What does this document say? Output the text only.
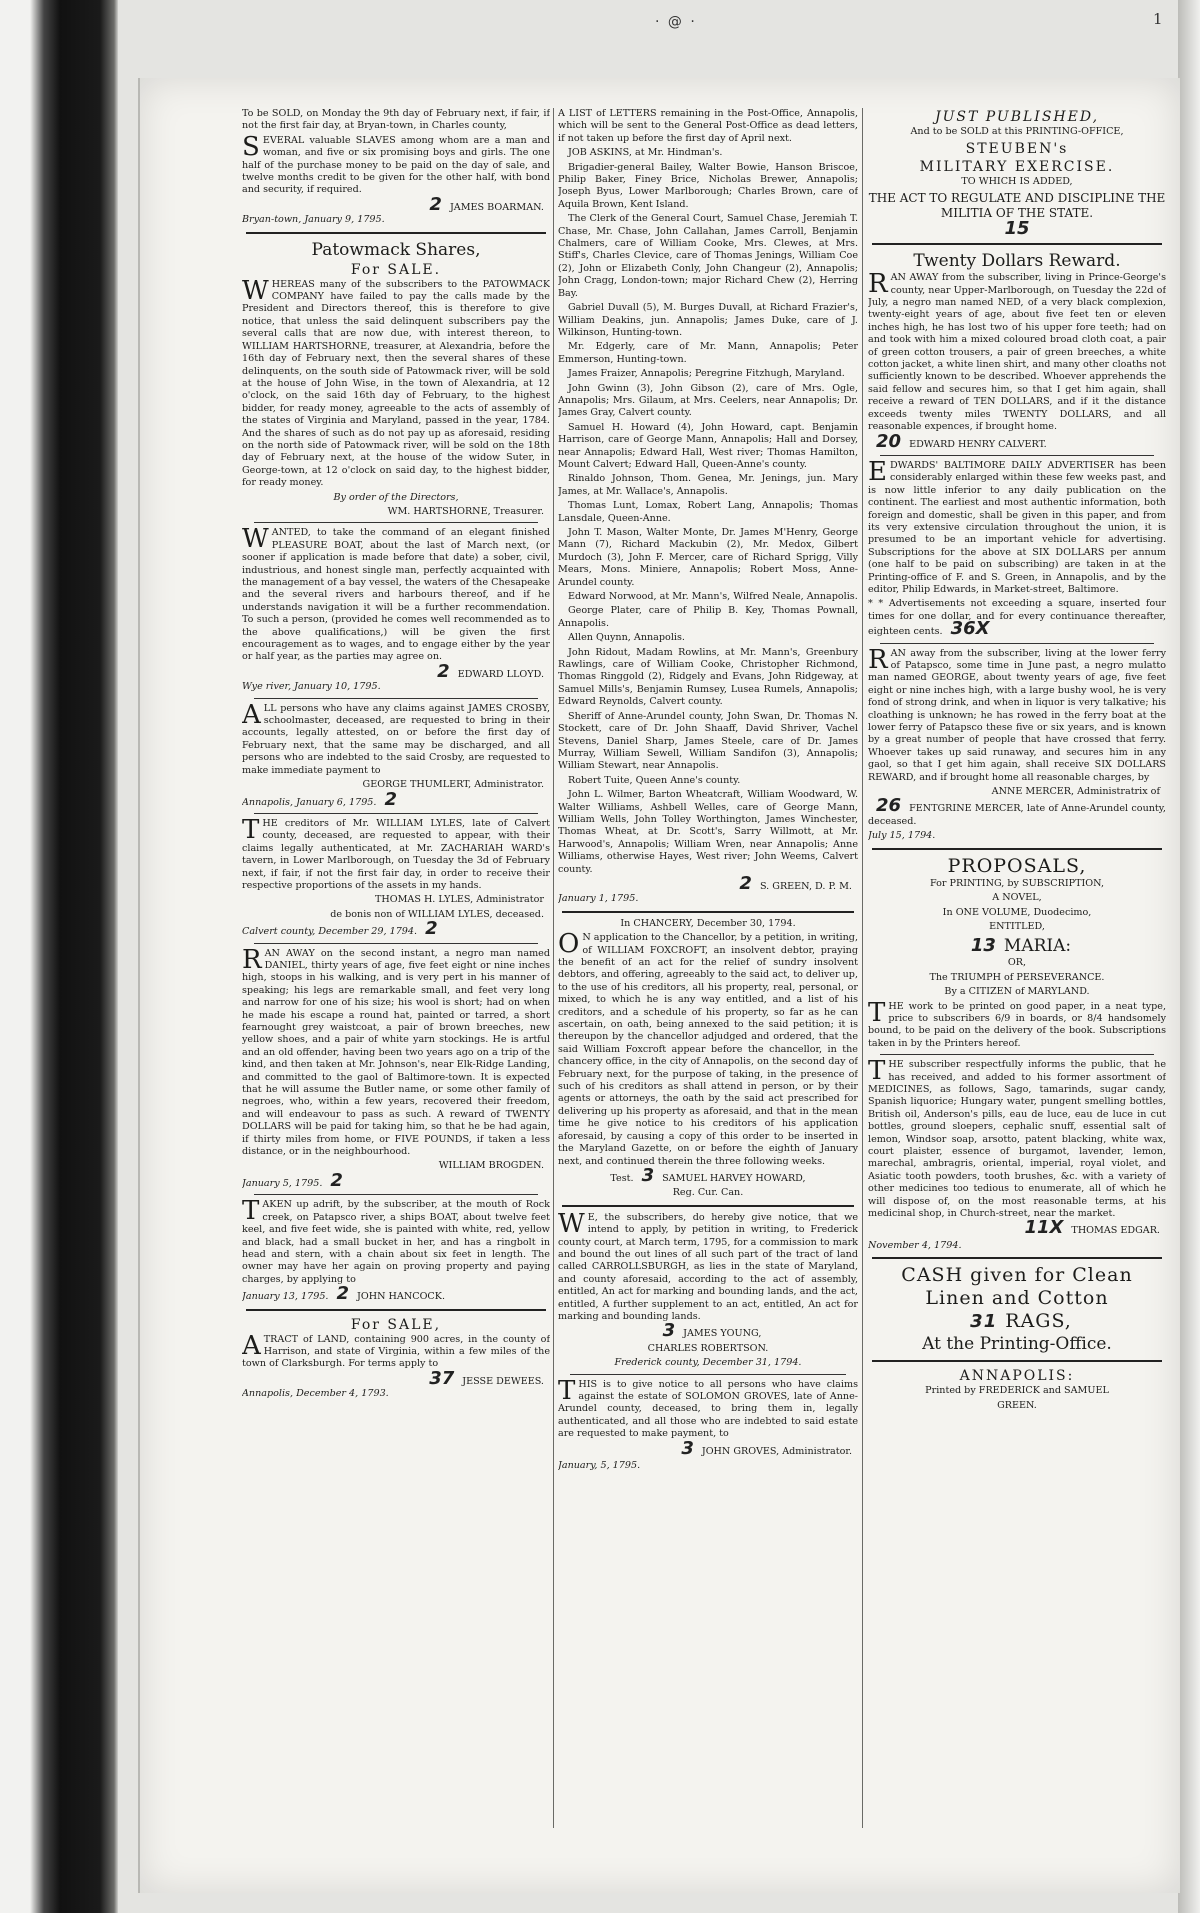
· @ ·	1

To be SOLD, on Monday the 9th day of February next, if fair, if not the first fair day, at Bryan-town, in Charles county,

SEVERAL valuable SLAVES among whom are a man and woman, and five or six promising boys and girls. The one half of the purchase money to be paid on the day of sale, and twelve months credit to be given for the other half, with bond and security, if required.

2 JAMES BOARMAN.

Bryan-town, January 9, 1795.

Patowmack Shares,
For SALE.

WHEREAS many of the subscribers to the PATOWMACK COMPANY have failed to pay the calls made by the President and Directors thereof, this is therefore to give notice, that unless the said delinquent subscribers pay the several calls that are now due, with interest thereon, to WILLIAM HARTSHORNE, treasurer, at Alexandria, before the 16th day of February next, then the several shares of these delinquents, on the south side of Patowmack river, will be sold at the house of John Wise, in the town of Alexandria, at 12 o'clock, on the said 16th day of February, to the highest bidder, for ready money, agreeable to the acts of assembly of the states of Virginia and Maryland, passed in the year, 1784. And the shares of such as do not pay up as aforesaid, residing on the north side of Patowmack river, will be sold on the 18th day of February next, at the house of the widow Suter, in George-town, at 12 o'clock on said day, to the highest bidder, for ready money.

By order of the Directors,

WM. HARTSHORNE, Treasurer.

WANTED, to take the command of an elegant finished PLEASURE BOAT, about the last of March next, (or sooner if application is made before that date) a sober, civil, industrious, and honest single man, perfectly acquainted with the management of a bay vessel, the waters of the Chesapeake and the several rivers and harbours thereof, and if he understands navigation it will be a further recommendation. To such a person, (provided he comes well recommended as to the above qualifications,) will be given the first encouragement as to wages, and to engage either by the year or half year, as the parties may agree on.

2 EDWARD LLOYD.

Wye river, January 10, 1795.

ALL persons who have any claims against JAMES CROSBY, schoolmaster, deceased, are requested to bring in their accounts, legally attested, on or before the first day of February next, that the same may be discharged, and all persons who are indebted to the said Crosby, are requested to make immediate payment to

GEORGE THUMLERT, Administrator.

Annapolis, January 6, 1795. 2

THE creditors of Mr. WILLIAM LYLES, late of Calvert county, deceased, are requested to appear, with their claims legally authenticated, at Mr. ZACHARIAH WARD's tavern, in Lower Marlborough, on Tuesday the 3d of February next, if fair, if not the first fair day, in order to receive their respective proportions of the assets in my hands.

THOMAS H. LYLES, Administrator

de bonis non of WILLIAM LYLES, deceased.

Calvert county, December 29, 1794. 2

RAN AWAY on the second instant, a negro man named DANIEL, thirty years of age, five feet eight or nine inches high, stoops in his walking, and is very pert in his manner of speaking; his legs are remarkable small, and feet very long and narrow for one of his size; his wool is short; had on when he made his escape a round hat, painted or tarred, a short fearnought grey waistcoat, a pair of brown breeches, new yellow shoes, and a pair of white yarn stockings. He is artful and an old offender, having been two years ago on a trip of the kind, and then taken at Mr. Johnson's, near Elk-Ridge Landing, and committed to the gaol of Baltimore-town. It is expected that he will assume the Butler name, or some other family of negroes, who, within a few years, recovered their freedom, and will endeavour to pass as such. A reward of TWENTY DOLLARS will be paid for taking him, so that he be had again, if thirty miles from home, or FIVE POUNDS, if taken a less distance, or in the neighbourhood.

WILLIAM BROGDEN.

January 5, 1795. 2

TAKEN up adrift, by the subscriber, at the mouth of Rock creek, on Patapsco river, a ships BOAT, about twelve feet keel, and five feet wide, she is painted with white, red, yellow and black, had a small bucket in her, and has a ringbolt in head and stern, with a chain about six feet in length. The owner may have her again on proving property and paying charges, by applying to

January 13, 1795. 2 JOHN HANCOCK.

For SALE,

ATRACT of LAND, containing 900 acres, in the county of Harrison, and state of Virginia, within a few miles of the town of Clarksburgh. For terms apply to

37 JESSE DEWEES.

Annapolis, December 4, 1793.

A LIST of LETTERS remaining in the Post-Office, Annapolis, which will be sent to the General Post-Office as dead letters, if not taken up before the first day of April next.

JOB ASKINS, at Mr. Hindman's.

Brigadier-general Bailey, Walter Bowie, Hanson Briscoe, Philip Baker, Finey Brice, Nicholas Brewer, Annapolis; Joseph Byus, Lower Marlborough; Charles Brown, care of Aquila Brown, Kent Island.

The Clerk of the General Court, Samuel Chase, Jeremiah T. Chase, Mr. Chase, John Callahan, James Carroll, Benjamin Chalmers, care of William Cooke, Mrs. Clewes, at Mrs. Stiff's, Charles Clevice, care of Thomas Jenings, William Coe (2), John or Elizabeth Conly, John Changeur (2), Annapolis; John Cragg, London-town; major Richard Chew (2), Herring Bay.

Gabriel Duvall (5), M. Burges Duvall, at Richard Frazier's, William Deakins, jun. Annapolis; James Duke, care of J. Wilkinson, Hunting-town.

Mr. Edgerly, care of Mr. Mann, Annapolis; Peter Emmerson, Hunting-town.

James Fraizer, Annapolis; Peregrine Fitzhugh, Maryland.

John Gwinn (3), John Gibson (2), care of Mrs. Ogle, Annapolis; Mrs. Gilaum, at Mrs. Ceelers, near Annapolis; Dr. James Gray, Calvert county.

Samuel H. Howard (4), John Howard, capt. Benjamin Harrison, care of George Mann, Annapolis; Hall and Dorsey, near Annapolis; Edward Hall, West river; Thomas Hamilton, Mount Calvert; Edward Hall, Queen-Anne's county.

Rinaldo Johnson, Thom. Genea, Mr. Jenings, jun. Mary James, at Mr. Wallace's, Annapolis.

Thomas Lunt, Lomax, Robert Lang, Annapolis; Thomas Lansdale, Queen-Anne.

John T. Mason, Walter Monte, Dr. James M'Henry, George Mann (7), Richard Mackubin (2), Mr. Medox, Gilbert Murdoch (3), John F. Mercer, care of Richard Sprigg, Villy Mears, Mons. Miniere, Annapolis; Robert Moss, Anne-Arundel county.

Edward Norwood, at Mr. Mann's, Wilfred Neale, Annapolis.

George Plater, care of Philip B. Key, Thomas Pownall, Annapolis.

Allen Quynn, Annapolis.

John Ridout, Madam Rowlins, at Mr. Mann's, Greenbury Rawlings, care of William Cooke, Christopher Richmond, Thomas Ringgold (2), Ridgely and Evans, John Ridgeway, at Samuel Mills's, Benjamin Rumsey, Lusea Rumels, Annapolis; Edward Reynolds, Calvert county.

Sheriff of Anne-Arundel county, John Swan, Dr. Thomas N. Stockett, care of Dr. John Shaaff, David Shriver, Vachel Stevens, Daniel Sharp, James Steele, care of Dr. James Murray, William Sewell, William Sandifon (3), Annapolis; William Stewart, near Annapolis.

Robert Tuite, Queen Anne's county.

John L. Wilmer, Barton Wheatcraft, William Woodward, W. Walter Williams, Ashbell Welles, care of George Mann, William Wells, John Tolley Worthington, James Winchester, Thomas Wheat, at Dr. Scott's, Sarry Willmott, at Mr. Harwood's, Annapolis; William Wren, near Annapolis; Anne Williams, otherwise Hayes, West river; John Weems, Calvert county.

2 S. GREEN, D. P. M.

January 1, 1795.

In CHANCERY, December 30, 1794.

ON application to the Chancellor, by a petition, in writing, of WILLIAM FOXCROFT, an insolvent debtor, praying the benefit of an act for the relief of sundry insolvent debtors, and offering, agreeably to the said act, to deliver up, to the use of his creditors, all his property, real, personal, or mixed, to which he is any way entitled, and a list of his creditors, and a schedule of his property, so far as he can ascertain, on oath, being annexed to the said petition; it is thereupon by the chancellor adjudged and ordered, that the said William Foxcroft appear before the chancellor, in the chancery office, in the city of Annapolis, on the second day of February next, for the purpose of taking, in the presence of such of his creditors as shall attend in person, or by their agents or attorneys, the oath by the said act prescribed for delivering up his property as aforesaid, and that in the mean time he give notice to his creditors of his application aforesaid, by causing a copy of this order to be inserted in the Maryland Gazette, on or before the eighth of January next, and continued therein the three following weeks.

Test. 3 SAMUEL HARVEY HOWARD,

Reg. Cur. Can.

WE, the subscribers, do hereby give notice, that we intend to apply, by petition in writing, to Frederick county court, at March term, 1795, for a commission to mark and bound the out lines of all such part of the tract of land called CARROLLSBURGH, as lies in the state of Maryland, and county aforesaid, according to the act of assembly, entitled, An act for marking and bounding lands, and the act, entitled, A further supplement to an act, entitled, An act for marking and bounding lands.

3 JAMES YOUNG,

CHARLES ROBERTSON.

Frederick county, December 31, 1794.

THIS is to give notice to all persons who have claims against the estate of SOLOMON GROVES, late of Anne-Arundel county, deceased, to bring them in, legally authenticated, and all those who are indebted to said estate are requested to make payment, to

3 JOHN GROVES, Administrator.

January, 5, 1795.

JUST PUBLISHED,

And to be SOLD at this PRINTING-OFFICE,

STEUBEN's
MILITARY EXERCISE.

TO WHICH IS ADDED,

THE ACT TO REGULATE AND DISCIPLINE THE MILITIA OF THE STATE.

15

Twenty Dollars Reward.

RAN AWAY from the subscriber, living in Prince-George's county, near Upper-Marlborough, on Tuesday the 22d of July, a negro man named NED, of a very black complexion, twenty-eight years of age, about five feet ten or eleven inches high, he has lost two of his upper fore teeth; had on and took with him a mixed coloured broad cloth coat, a pair of green cotton trousers, a pair of green breeches, a white cotton jacket, a white linen shirt, and many other cloaths not sufficiently known to be described. Whoever apprehends the said fellow and secures him, so that I get him again, shall receive a reward of TEN DOLLARS, and if it the distance exceeds twenty miles TWENTY DOLLARS, and all reasonable expences, if brought home.

20 EDWARD HENRY CALVERT.

EDWARDS' BALTIMORE DAILY ADVERTISER has been considerably enlarged within these few weeks past, and is now little inferior to any daily publication on the continent. The earliest and most authentic information, both foreign and domestic, shall be given in this paper, and from its very extensive circulation throughout the union, it is presumed to be an important vehicle for advertising. Subscriptions for the above at SIX DOLLARS per annum (one half to be paid on subscribing) are taken in at the Printing-office of F. and S. Green, in Annapolis, and by the editor, Philip Edwards, in Market-street, Baltimore.

* * Advertisements not exceeding a square, inserted four times for one dollar, and for every continuance thereafter, eighteen cents. 36X

RAN away from the subscriber, living at the lower ferry of Patapsco, some time in June past, a negro mulatto man named GEORGE, about twenty years of age, five feet eight or nine inches high, with a large bushy wool, he is very fond of strong drink, and when in liquor is very talkative; his cloathing is unknown; he has rowed in the ferry boat at the lower ferry of Patapsco these five or six years, and is known by a great number of people that have crossed that ferry. Whoever takes up said runaway, and secures him in any gaol, so that I get him again, shall receive SIX DOLLARS REWARD, and if brought home all reasonable charges, by

ANNE MERCER, Administratrix of

26 FENTGRINE MERCER, late of Anne-Arundel county, deceased.

July 15, 1794.

PROPOSALS,

For PRINTING, by SUBSCRIPTION,

A NOVEL,

In ONE VOLUME, Duodecimo,

ENTITLED,

13 MARIA:

OR,

The TRIUMPH of PERSEVERANCE.

By a CITIZEN of MARYLAND.

THE work to be printed on good paper, in a neat type, price to subscribers 6/9 in boards, or 8/4 handsomely bound, to be paid on the delivery of the book. Subscriptions taken in by the Printers hereof.

THE subscriber respectfully informs the public, that he has received, and added to his former assortment of MEDICINES, as follows, Sago, tamarinds, sugar candy, Spanish liquorice; Hungary water, pungent smelling bottles, British oil, Anderson's pills, eau de luce, eau de luce in cut bottles, ground sloepers, cephalic snuff, essential salt of lemon, Windsor soap, arsotto, patent blacking, white wax, court plaister, essence of burgamot, lavender, lemon, marechal, ambragris, oriental, imperial, royal violet, and Asiatic tooth powders, tooth brushes, &c. with a variety of other medicines too tedious to enumerate, all of which he will dispose of, on the most reasonable terms, at his medicinal shop, in Church-street, near the market.

11X THOMAS EDGAR.

November 4, 1794.

CASH given for Clean
Linen and Cotton
31 RAGS,
At the Printing-Office.
ANNAPOLIS:

Printed by FREDERICK and SAMUEL

GREEN.
